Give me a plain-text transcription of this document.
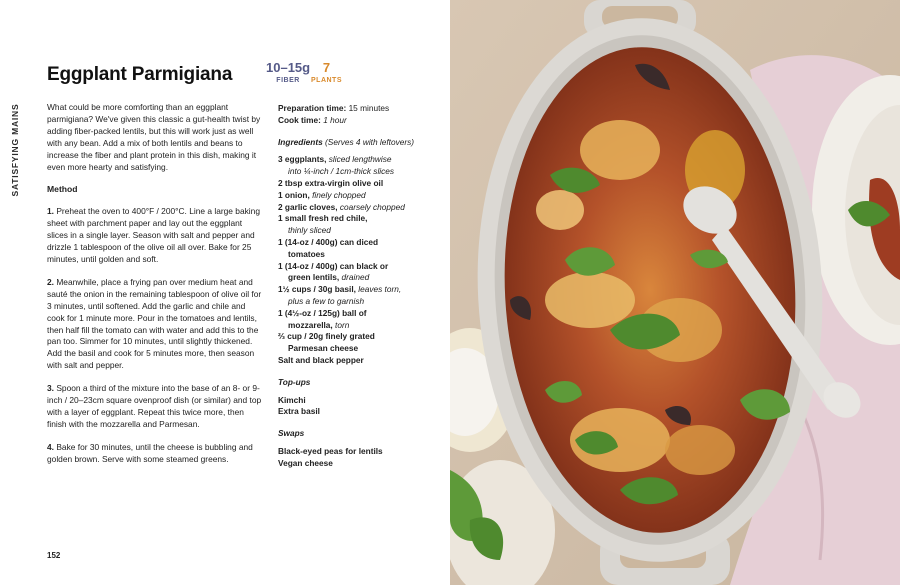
SATISFYING MAINS
Eggplant Parmigiana	10–15g
FIBER
7
PLANTS

What could be more comforting than an eggplant parmigiana? We've given this classic a gut-health twist by adding fiber-packed lentils, but this will work just as well with any bean. Add a mix of both lentils and beans to increase the fiber and plant protein in this dish, making it even more hearty and satisfying.

Method

1. Preheat the oven to 400°F / 200°C. Line a large baking sheet with parchment paper and lay out the eggplant slices in a single layer. Season with salt and pepper and drizzle 1 tablespoon of the olive oil all over. Bake for 25 minutes, until golden and soft.

2. Meanwhile, place a frying pan over medium heat and sauté the onion in the remaining tablespoon of olive oil for 3 minutes, until softened. Add the garlic and chile and cook for 1 minute more. Pour in the tomatoes and lentils, then half fill the tomato can with water and add this to the pan too. Simmer for 10 minutes, until slightly thickened. Add the basil and cook for 5 minutes more, then season with salt and pepper.

3. Spoon a third of the mixture into the base of an 8- or 9-inch / 20–23cm square ovenproof dish (or similar) and top with a layer of eggplant. Repeat this twice more, then finish with the mozzarella and Parmesan.

4. Bake for 30 minutes, until the cheese is bubbling and golden brown. Serve with some steamed greens.

Preparation time: 15 minutes

Cook time: 1 hour

Ingredients (Serves 4 with leftovers)

3 eggplants, sliced lengthwise
into ¼-inch / 1cm-thick slices

2 tbsp extra-virgin olive oil

1 onion, finely chopped

2 garlic cloves, coarsely chopped

1 small fresh red chile,
thinly sliced

1 (14-oz / 400g) can diced
tomatoes

1 (14-oz / 400g) can black or
green lentils, drained

1½ cups / 30g basil, leaves torn,
plus a few to garnish

1 (4½-oz / 125g) ball of
mozzarella, torn

⅔ cup / 20g finely grated
Parmesan cheese

Salt and black pepper

Top-ups

Kimchi

Extra basil

Swaps

Black-eyed peas for lentils

Vegan cheese

152
